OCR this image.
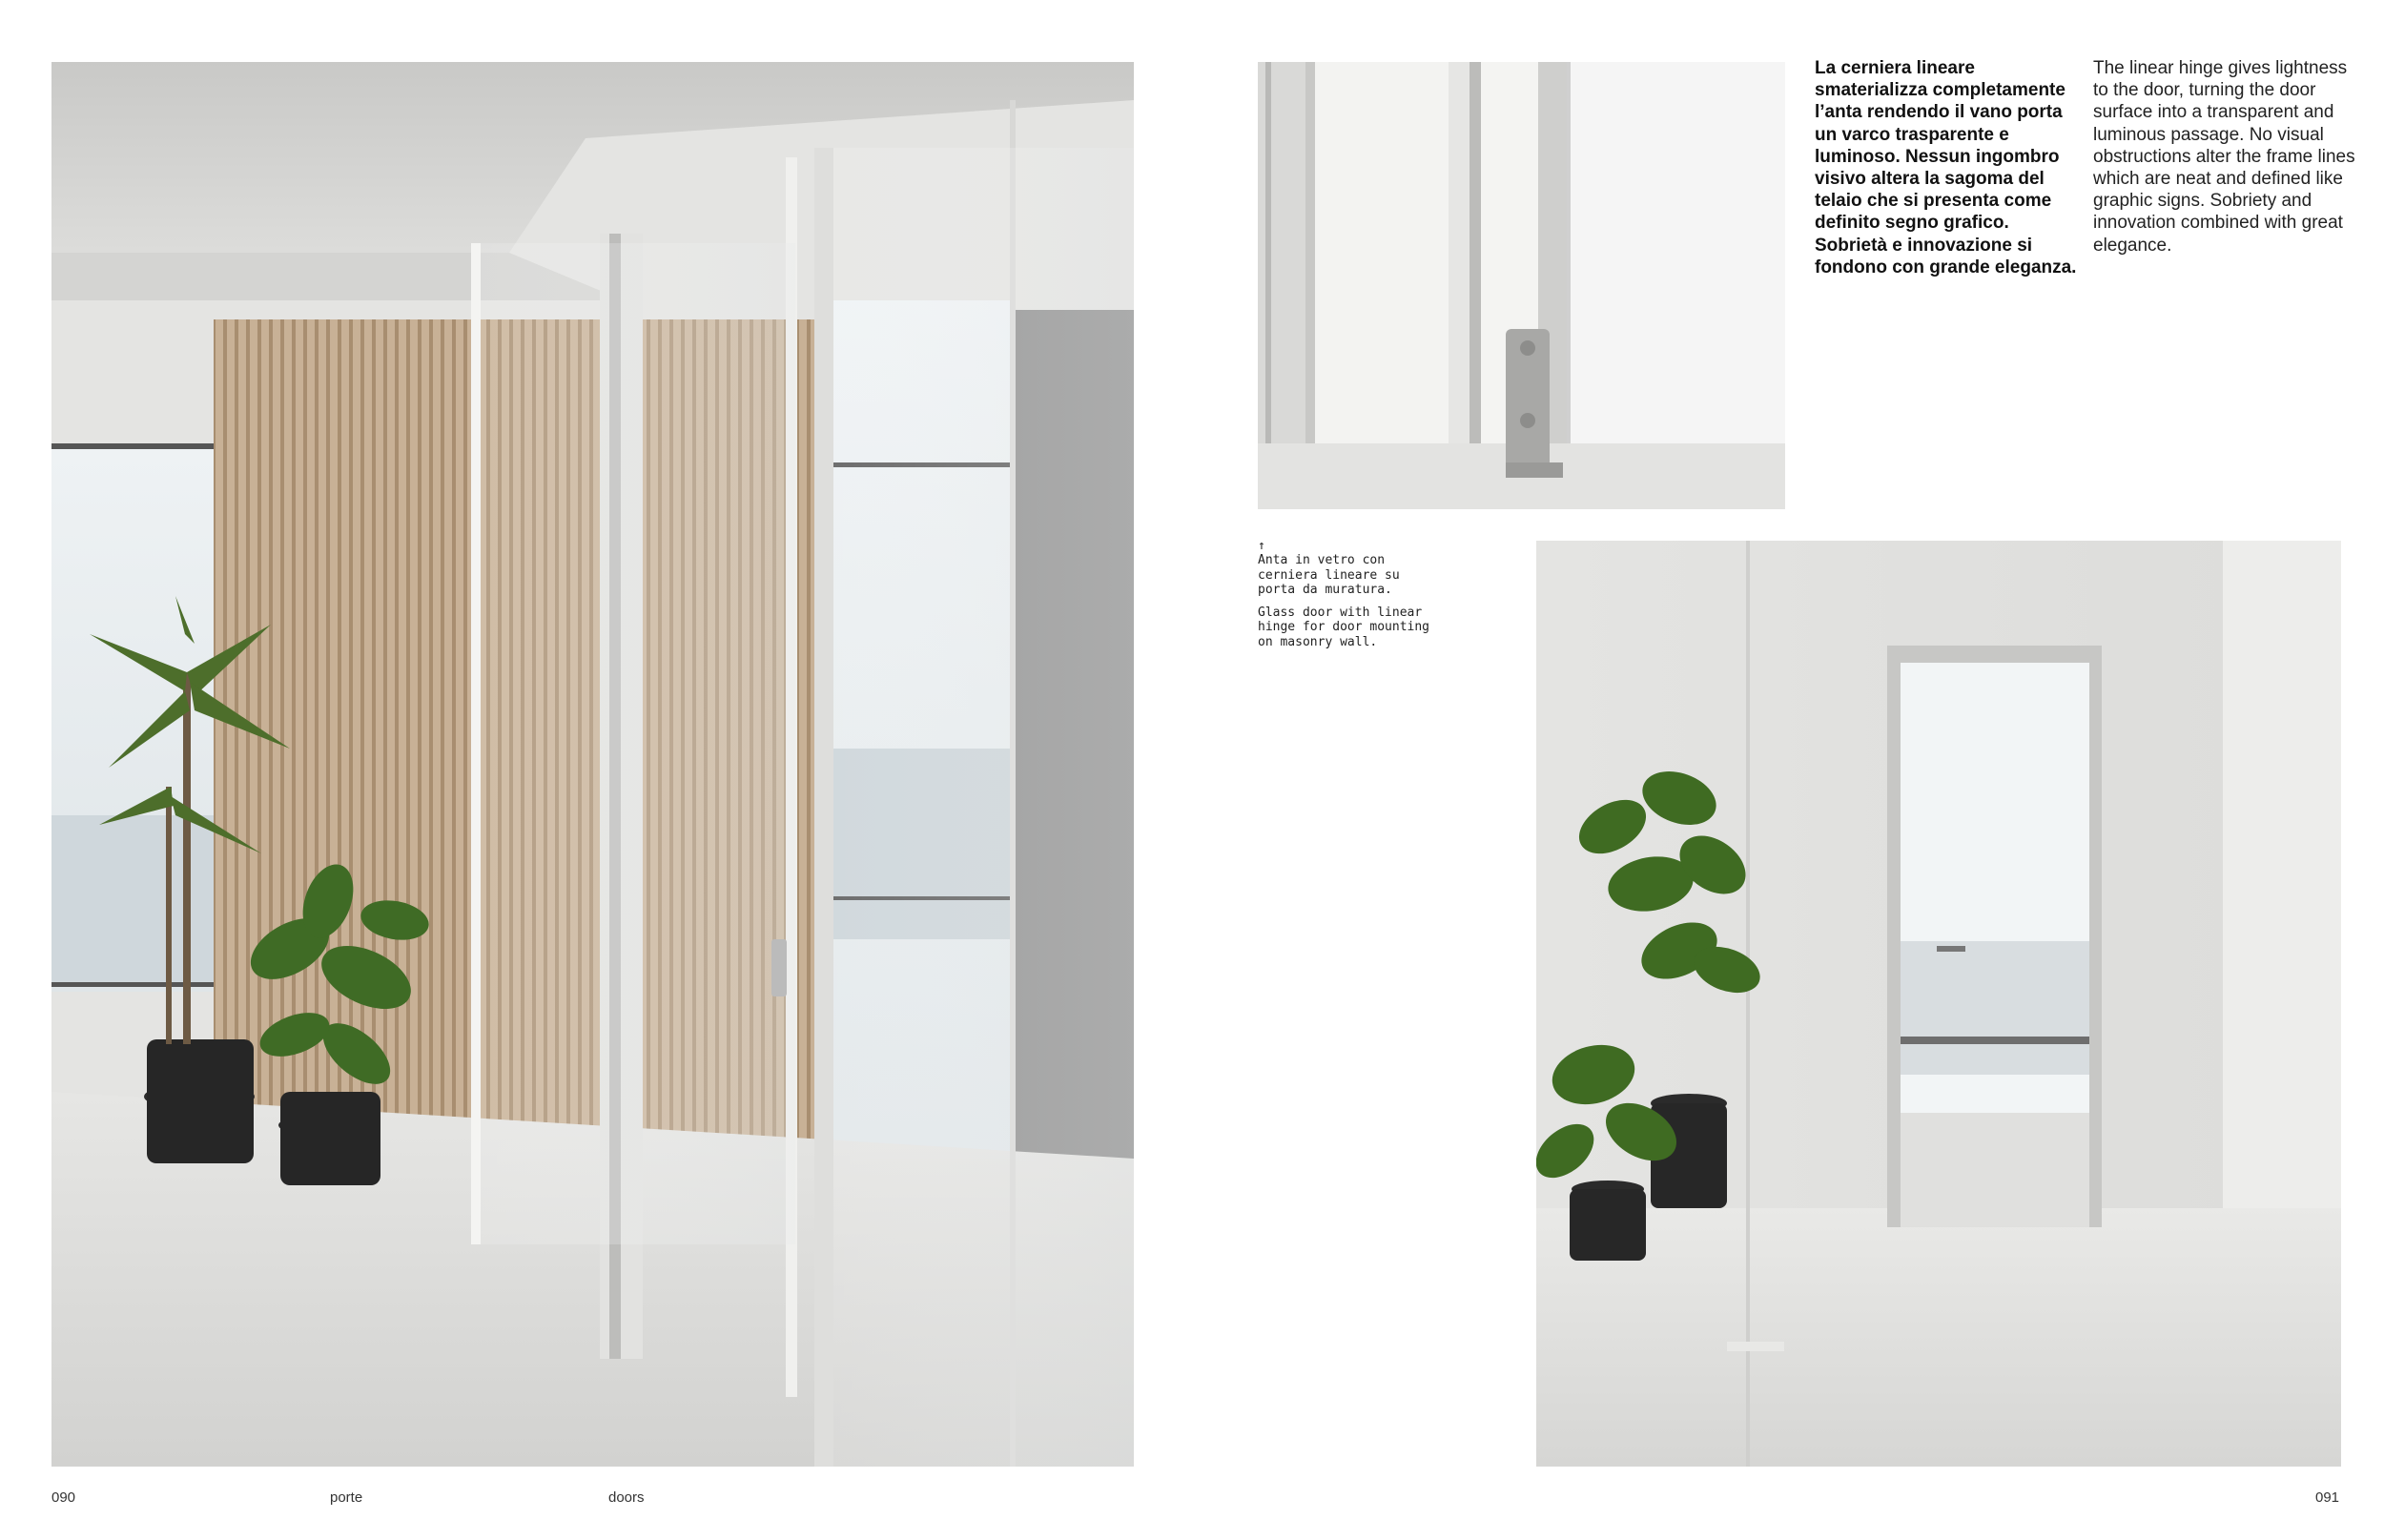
La cerniera lineare smaterializza completamente l’anta rendendo il vano porta un varco trasparente e luminoso. Nessun ingombro visivo altera la sagoma del telaio che si presenta come definito segno grafico. Sobrietà e innovazione si fondono con grande eleganza.
The linear hinge gives lightness to the door, turning the door surface into a transparent and luminous passage. No visual obstructions alter the frame lines which are neat and defined like graphic signs. Sobriety and innovation combined with great elegance.
↑

Anta in vetro con cerniera lineare su porta da muratura.

Glass door with linear hinge for door mounting on masonry wall.

090	porte	doors	091
